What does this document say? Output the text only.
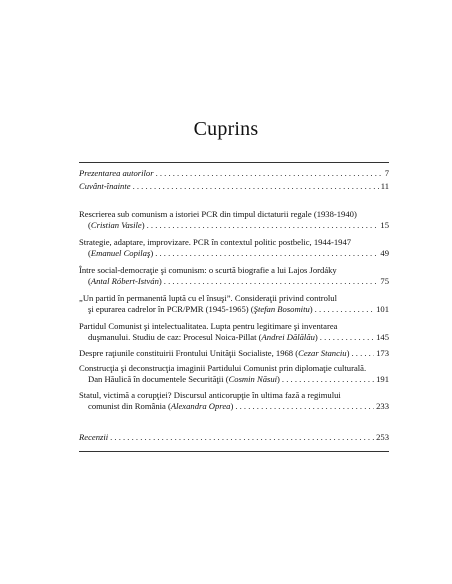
Cuprins
Prezentarea autorilor . . .	7
Cuvânt-înainte . . .	11
Rescrierea sub comunism a istoriei PCR din timpul dictaturii regale (1938-1940)
(Cristian Vasile) . . .	15
Strategie, adaptare, improvizare. PCR în contextul politic postbelic, 1944-1947
(Emanuel Copilaş) . . .	49
Între social-democraţie şi comunism: o scurtă biografie a lui Lajos Jordáky
(Antal Róbert-István) . . .	75
„Un partid în permanentă luptă cu el însuşi”. Consideraţii privind controlul
şi epurarea cadrelor în PCR/PMR (1945-1965) (Ştefan Bosomitu) . . .	101
Partidul Comunist şi intelectualitatea. Lupta pentru legitimare şi inventarea
duşmanului. Studiu de caz: Procesul Noica-Pillat (Andrei Dălălău) . . .	145
Despre raţiunile constituirii Frontului Unităţii Socialiste, 1968 (Cezar Stanciu) . . .	173
Construcţia şi deconstrucţia imaginii Partidului Comunist prin diplomaţie culturală.
Dan Hăulică în documentele Securităţii (Cosmin Năsui) . . .	191
Statul, victimă a corupţiei? Discursul anticorupţie în ultima fază a regimului
comunist din România (Alexandra Oprea) . . .	233
Recenzii . . .	253
